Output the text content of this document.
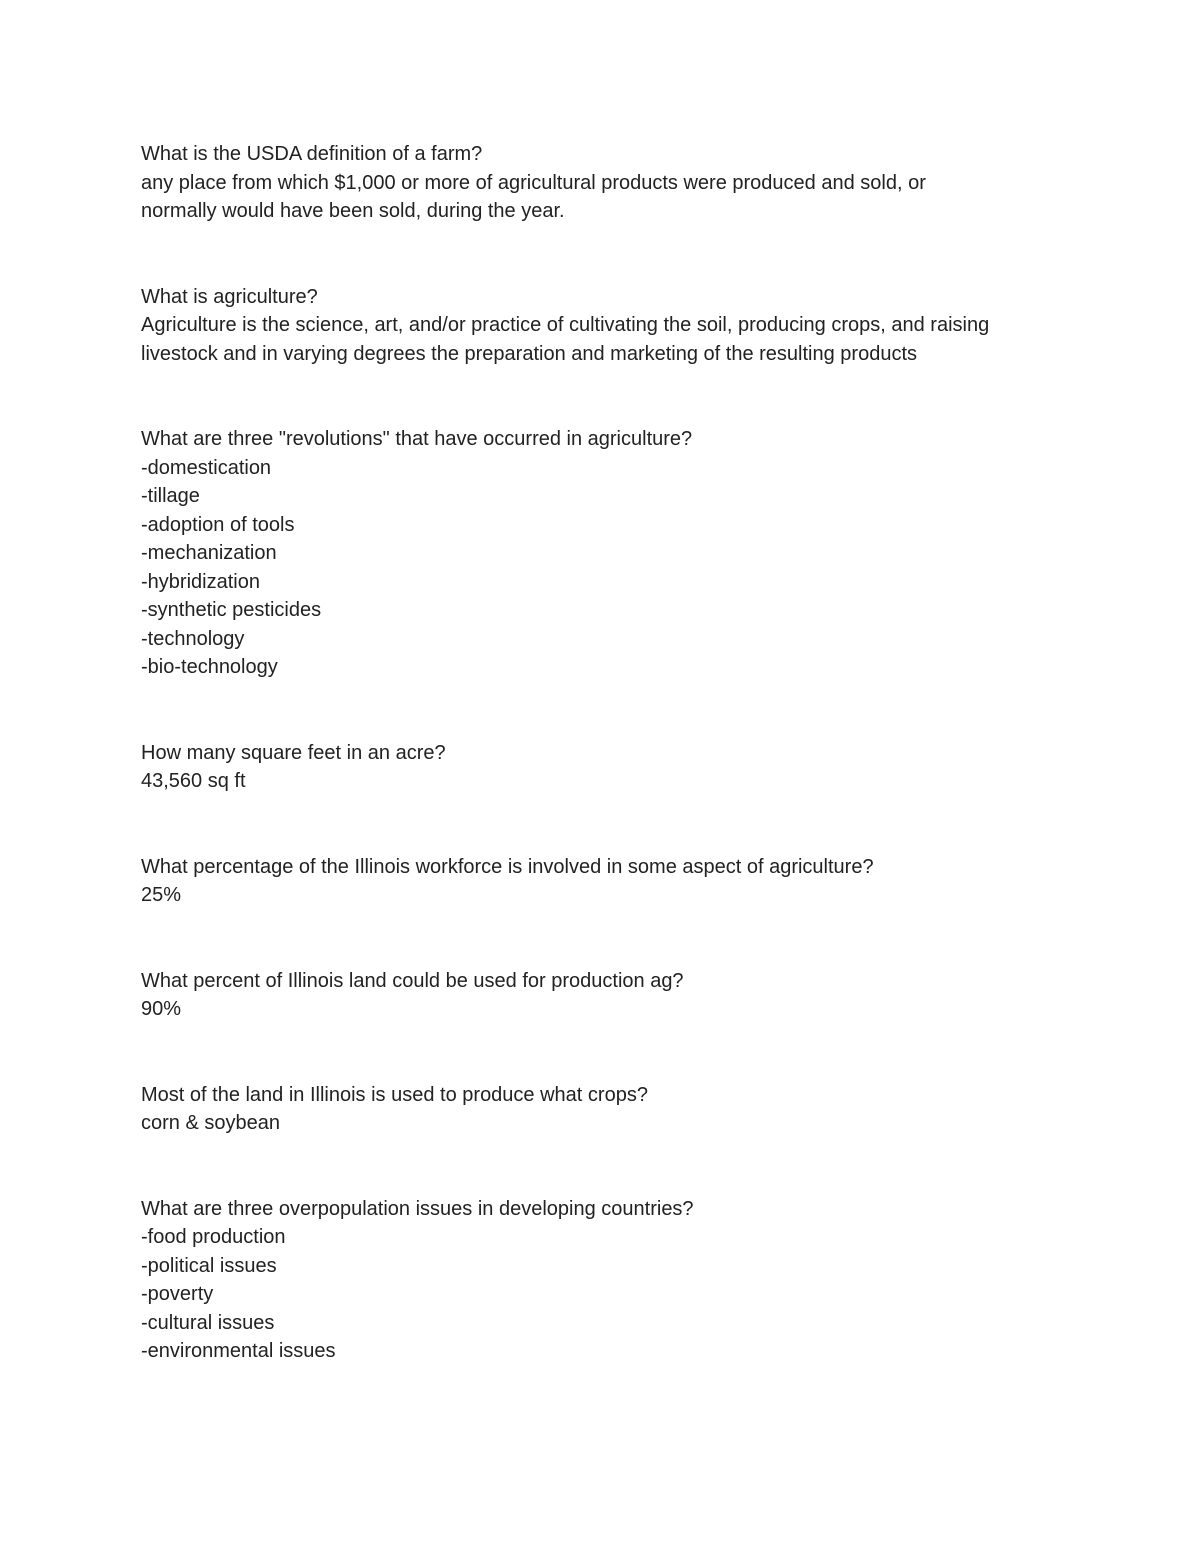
What is the USDA definition of a farm?

any place from which $1,000 or more of agricultural products were produced and sold, or

normally would have been sold, during the year.

What is agriculture?

Agriculture is the science, art, and/or practice of cultivating the soil, producing crops, and raising

livestock and in varying degrees the preparation and marketing of the resulting products

What are three "revolutions" that have occurred in agriculture?

-domestication

-tillage

-adoption of tools

-mechanization

-hybridization

-synthetic pesticides

-technology

-bio-technology

How many square feet in an acre?

43,560 sq ft

What percentage of the Illinois workforce is involved in some aspect of agriculture?

25%

What percent of Illinois land could be used for production ag?

90%

Most of the land in Illinois is used to produce what crops?

corn & soybean

What are three overpopulation issues in developing countries?

-food production

-political issues

-poverty

-cultural issues

-environmental issues
